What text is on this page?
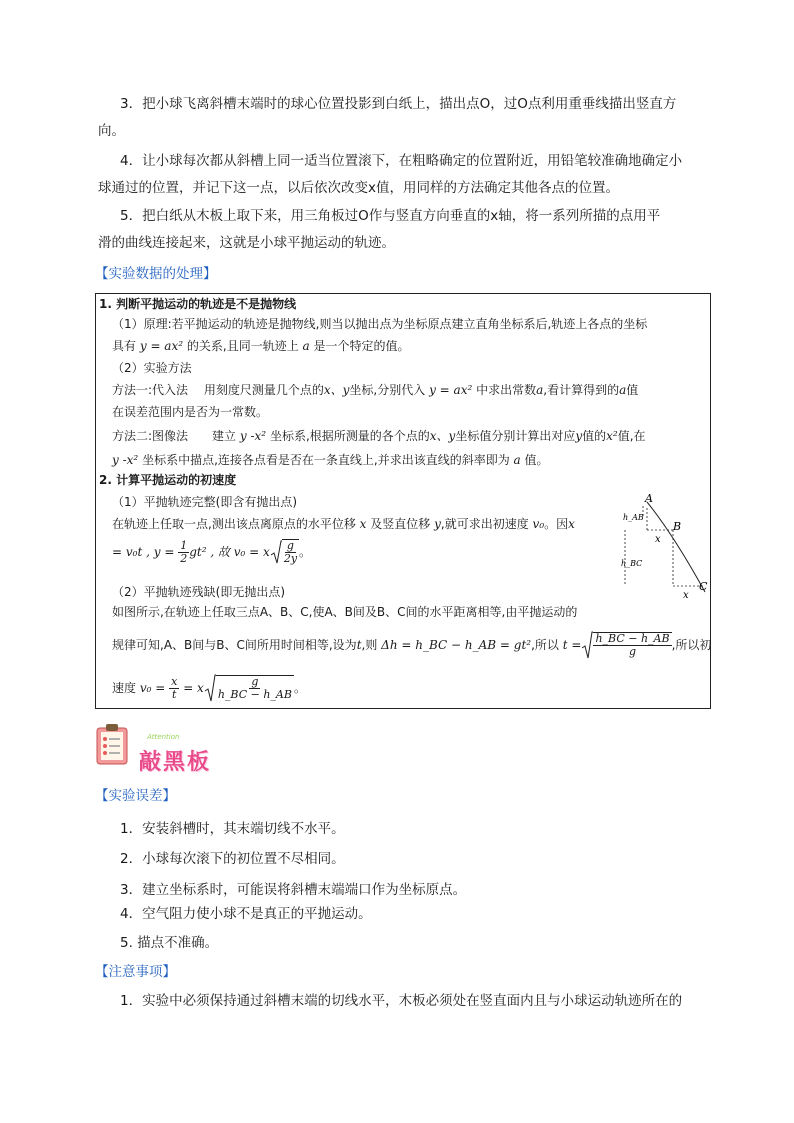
3．把小球飞离斜槽末端时的球心位置投影到白纸上，描出点O，过O点利用重垂线描出竖直方

向。

4．让小球每次都从斜槽上同一适当位置滚下，在粗略确定的位置附近，用铅笔较准确地确定小

球通过的位置，并记下这一点，以后依次改变x值，用同样的方法确定其他各点的位置。

5．把白纸从木板上取下来，用三角板过O作与竖直方向垂直的x轴，将一系列所描的点用平

滑的曲线连接起来，这就是小球平抛运动的轨迹。

【实验数据的处理】

1. 判断平抛运动的轨迹是不是抛物线

（1）原理:若平抛运动的轨迹是抛物线,则当以抛出点为坐标原点建立直角坐标系后,轨迹上各点的坐标

具有 y = ax² 的关系,且同一轨迹上 a 是一个特定的值。

（2）实验方法

方法一:代入法　 用刻度尺测量几个点的x、y坐标,分别代入 y = ax² 中求出常数a,看计算得到的a值

在误差范围内是否为一常数。

方法二:图像法　　建立 y -x² 坐标系,根据所测量的各个点的x、y坐标值分别计算出对应y值的x²值,在

y -x² 坐标系中描点,连接各点看是否在一条直线上,并求出该直线的斜率即为 a 值。

2. 计算平抛运动的初速度

（1）平抛轨迹完整(即含有抛出点)

在轨迹上任取一点,测出该点离原点的水平位移 x 及竖直位移 y,就可求出初速度 v₀。因x

= v₀t , y =
$\frac{1}{2} gt^2$ , 故 v₀ = x $\frac{g}{2y}$ 。

（2）平抛轨迹残缺(即无抛出点)

如图所示,在轨迹上任取三点A、B、C,使A、B间及B、C间的水平距离相等,由平抛运动的

规律可知,A、B间与B、C间所用时间相等,设为 t ,则
Δh = h_BC − h_AB = gt² ,所以
$t = \frac{h\_BC - h\_AB}{g}$ ,所以初
速度
v₀ =
$\frac{x}{t}$
= x $\frac{g}{h\_BC - h\_AB}$ 。
A
B
C
x
x
h_AB
h_BC
Attention
敲黑板

【实验误差】

1．安装斜槽时，其末端切线不水平。

2．小球每次滚下的初位置不尽相同。

3．建立坐标系时，可能误将斜槽末端端口作为坐标原点。

4．空气阻力使小球不是真正的平抛运动。

5. 描点不准确。

【注意事项】

1．实验中必须保持通过斜槽末端的切线水平，木板必须处在竖直面内且与小球运动轨迹所在的
